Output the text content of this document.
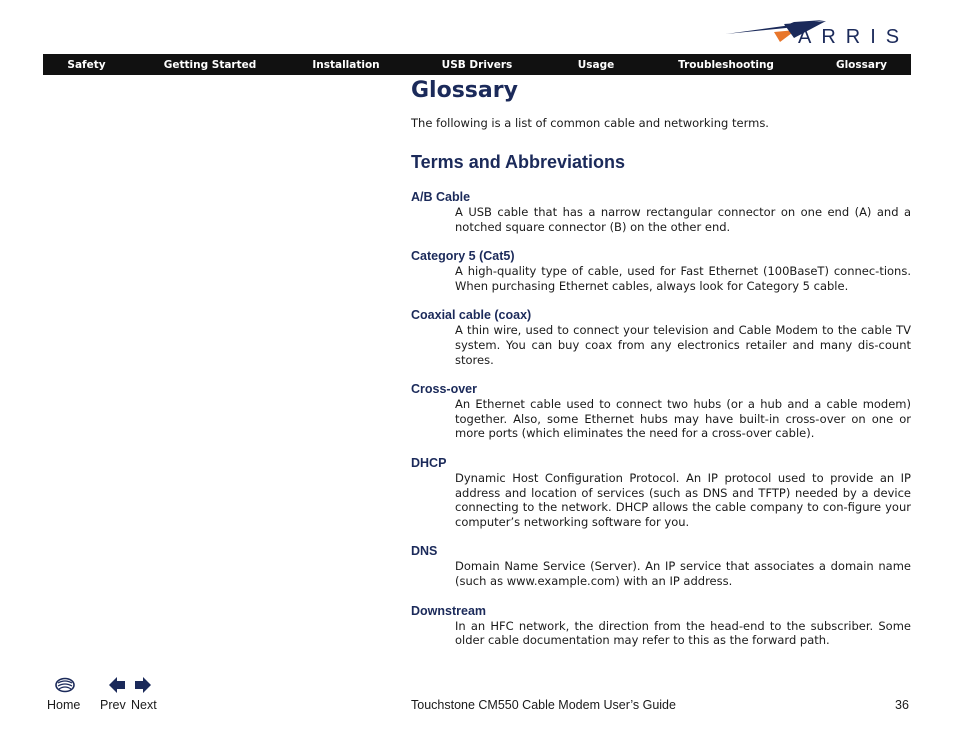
ARRIS
Safety	Getting Started	Installation	USB Drivers	Usage	Troubleshooting	Glossary
Glossary

The following is a list of common cable and networking terms.

Terms and Abbreviations
A/B Cable
A USB cable that has a narrow rectangular connector on one end (A) and a notched square connector (B) on the other end.
Category 5 (Cat5)
A high-quality type of cable, used for Fast Ethernet (100BaseT) connec-tions. When purchasing Ethernet cables, always look for Category 5 cable.
Coaxial cable (coax)
A thin wire, used to connect your television and Cable Modem to the cable TV system. You can buy coax from any electronics retailer and many dis-count stores.
Cross-over
An Ethernet cable used to connect two hubs (or a hub and a cable modem) together. Also, some Ethernet hubs may have built-in cross-over on one or more ports (which eliminates the need for a cross-over cable).
DHCP
Dynamic Host Configuration Protocol. An IP protocol used to provide an IP address and location of services (such as DNS and TFTP) needed by a device connecting to the network. DHCP allows the cable company to con-figure your computer’s networking software for you.
DNS
Domain Name Service (Server). An IP service that associates a domain name (such as www.example.com) with an IP address.
Downstream
In an HFC network, the direction from the head-end to the subscriber. Some older cable documentation may refer to this as the forward path.
Home Prev Next	Touchstone CM550 Cable Modem User’s Guide	36
